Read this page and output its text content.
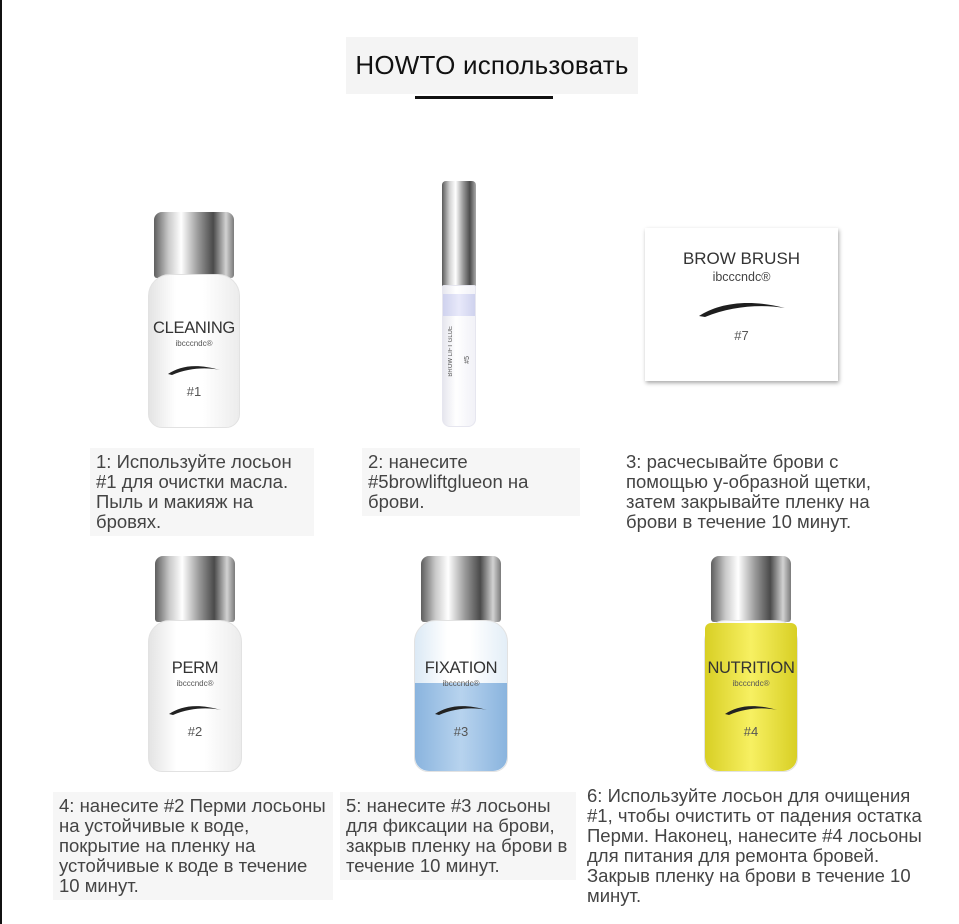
HOWTO использовать
CLEANING
ibcccndc®
#1
BROW LIFT GLUE #5
BROW BRUSH
ibcccndc®
#7
1: Используйте лосьон #1 для очистки масла. Пыль и макияж на бровях.
2: нанесите #5browliftglueon на брови.
3: расчесывайте брови с помощью у-образной щетки, затем закрывайте пленку на брови в течение 10 минут.
PERM
ibcccndc®
#2
FIXATION
ibcccndc®
#3
NUTRITION
ibcccndc®
#4
4: нанесите #2 Перми лосьоны на устойчивые к воде, покрытие на пленку на устойчивые к воде в течение 10 минут.
5: нанесите #3 лосьоны для фиксации на брови, закрыв пленку на брови в течение 10 минут.
6: Используйте лосьон для очищения #1, чтобы очистить от падения остатка Перми. Наконец, нанесите #4 лосьоны для питания для ремонта бровей. Закрыв пленку на брови в течение 10 минут.
